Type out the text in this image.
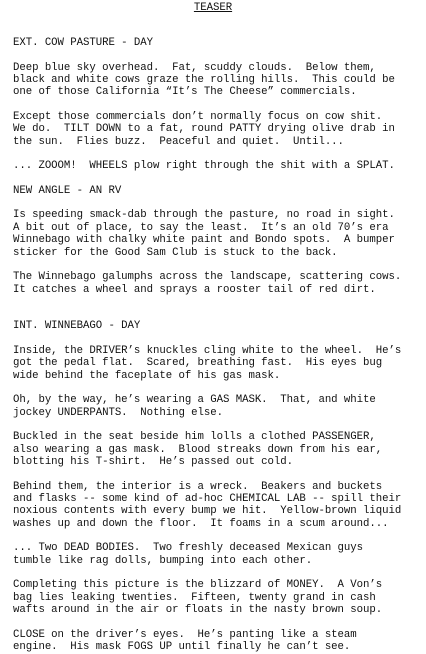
TEASER
EXT. COW PASTURE - DAY
Deep blue sky overhead.  Fat, scuddy clouds.  Below them,
black and white cows graze the rolling hills.  This could be
one of those California “It’s The Cheese” commercials.
Except those commercials don’t normally focus on cow shit.
We do.  TILT DOWN to a fat, round PATTY drying olive drab in
the sun.  Flies buzz.  Peaceful and quiet.  Until...
... ZOOOM!  WHEELS plow right through the shit with a SPLAT.
NEW ANGLE - AN RV
Is speeding smack-dab through the pasture, no road in sight.
A bit out of place, to say the least.  It’s an old 70’s era
Winnebago with chalky white paint and Bondo spots.  A bumper
sticker for the Good Sam Club is stuck to the back.
The Winnebago galumphs across the landscape, scattering cows.
It catches a wheel and sprays a rooster tail of red dirt.
INT. WINNEBAGO - DAY
Inside, the DRIVER’s knuckles cling white to the wheel.  He’s
got the pedal flat.  Scared, breathing fast.  His eyes bug
wide behind the faceplate of his gas mask.
Oh, by the way, he’s wearing a GAS MASK.  That, and white
jockey UNDERPANTS.  Nothing else.
Buckled in the seat beside him lolls a clothed PASSENGER,
also wearing a gas mask.  Blood streaks down from his ear,
blotting his T-shirt.  He’s passed out cold.
Behind them, the interior is a wreck.  Beakers and buckets
and flasks -- some kind of ad-hoc CHEMICAL LAB -- spill their
noxious contents with every bump we hit.  Yellow-brown liquid
washes up and down the floor.  It foams in a scum around...
... Two DEAD BODIES.  Two freshly deceased Mexican guys
tumble like rag dolls, bumping into each other.
Completing this picture is the blizzard of MONEY.  A Von’s
bag lies leaking twenties.  Fifteen, twenty grand in cash
wafts around in the air or floats in the nasty brown soup.
CLOSE on the driver’s eyes.  He’s panting like a steam
engine.  His mask FOGS UP until finally he can’t see.
